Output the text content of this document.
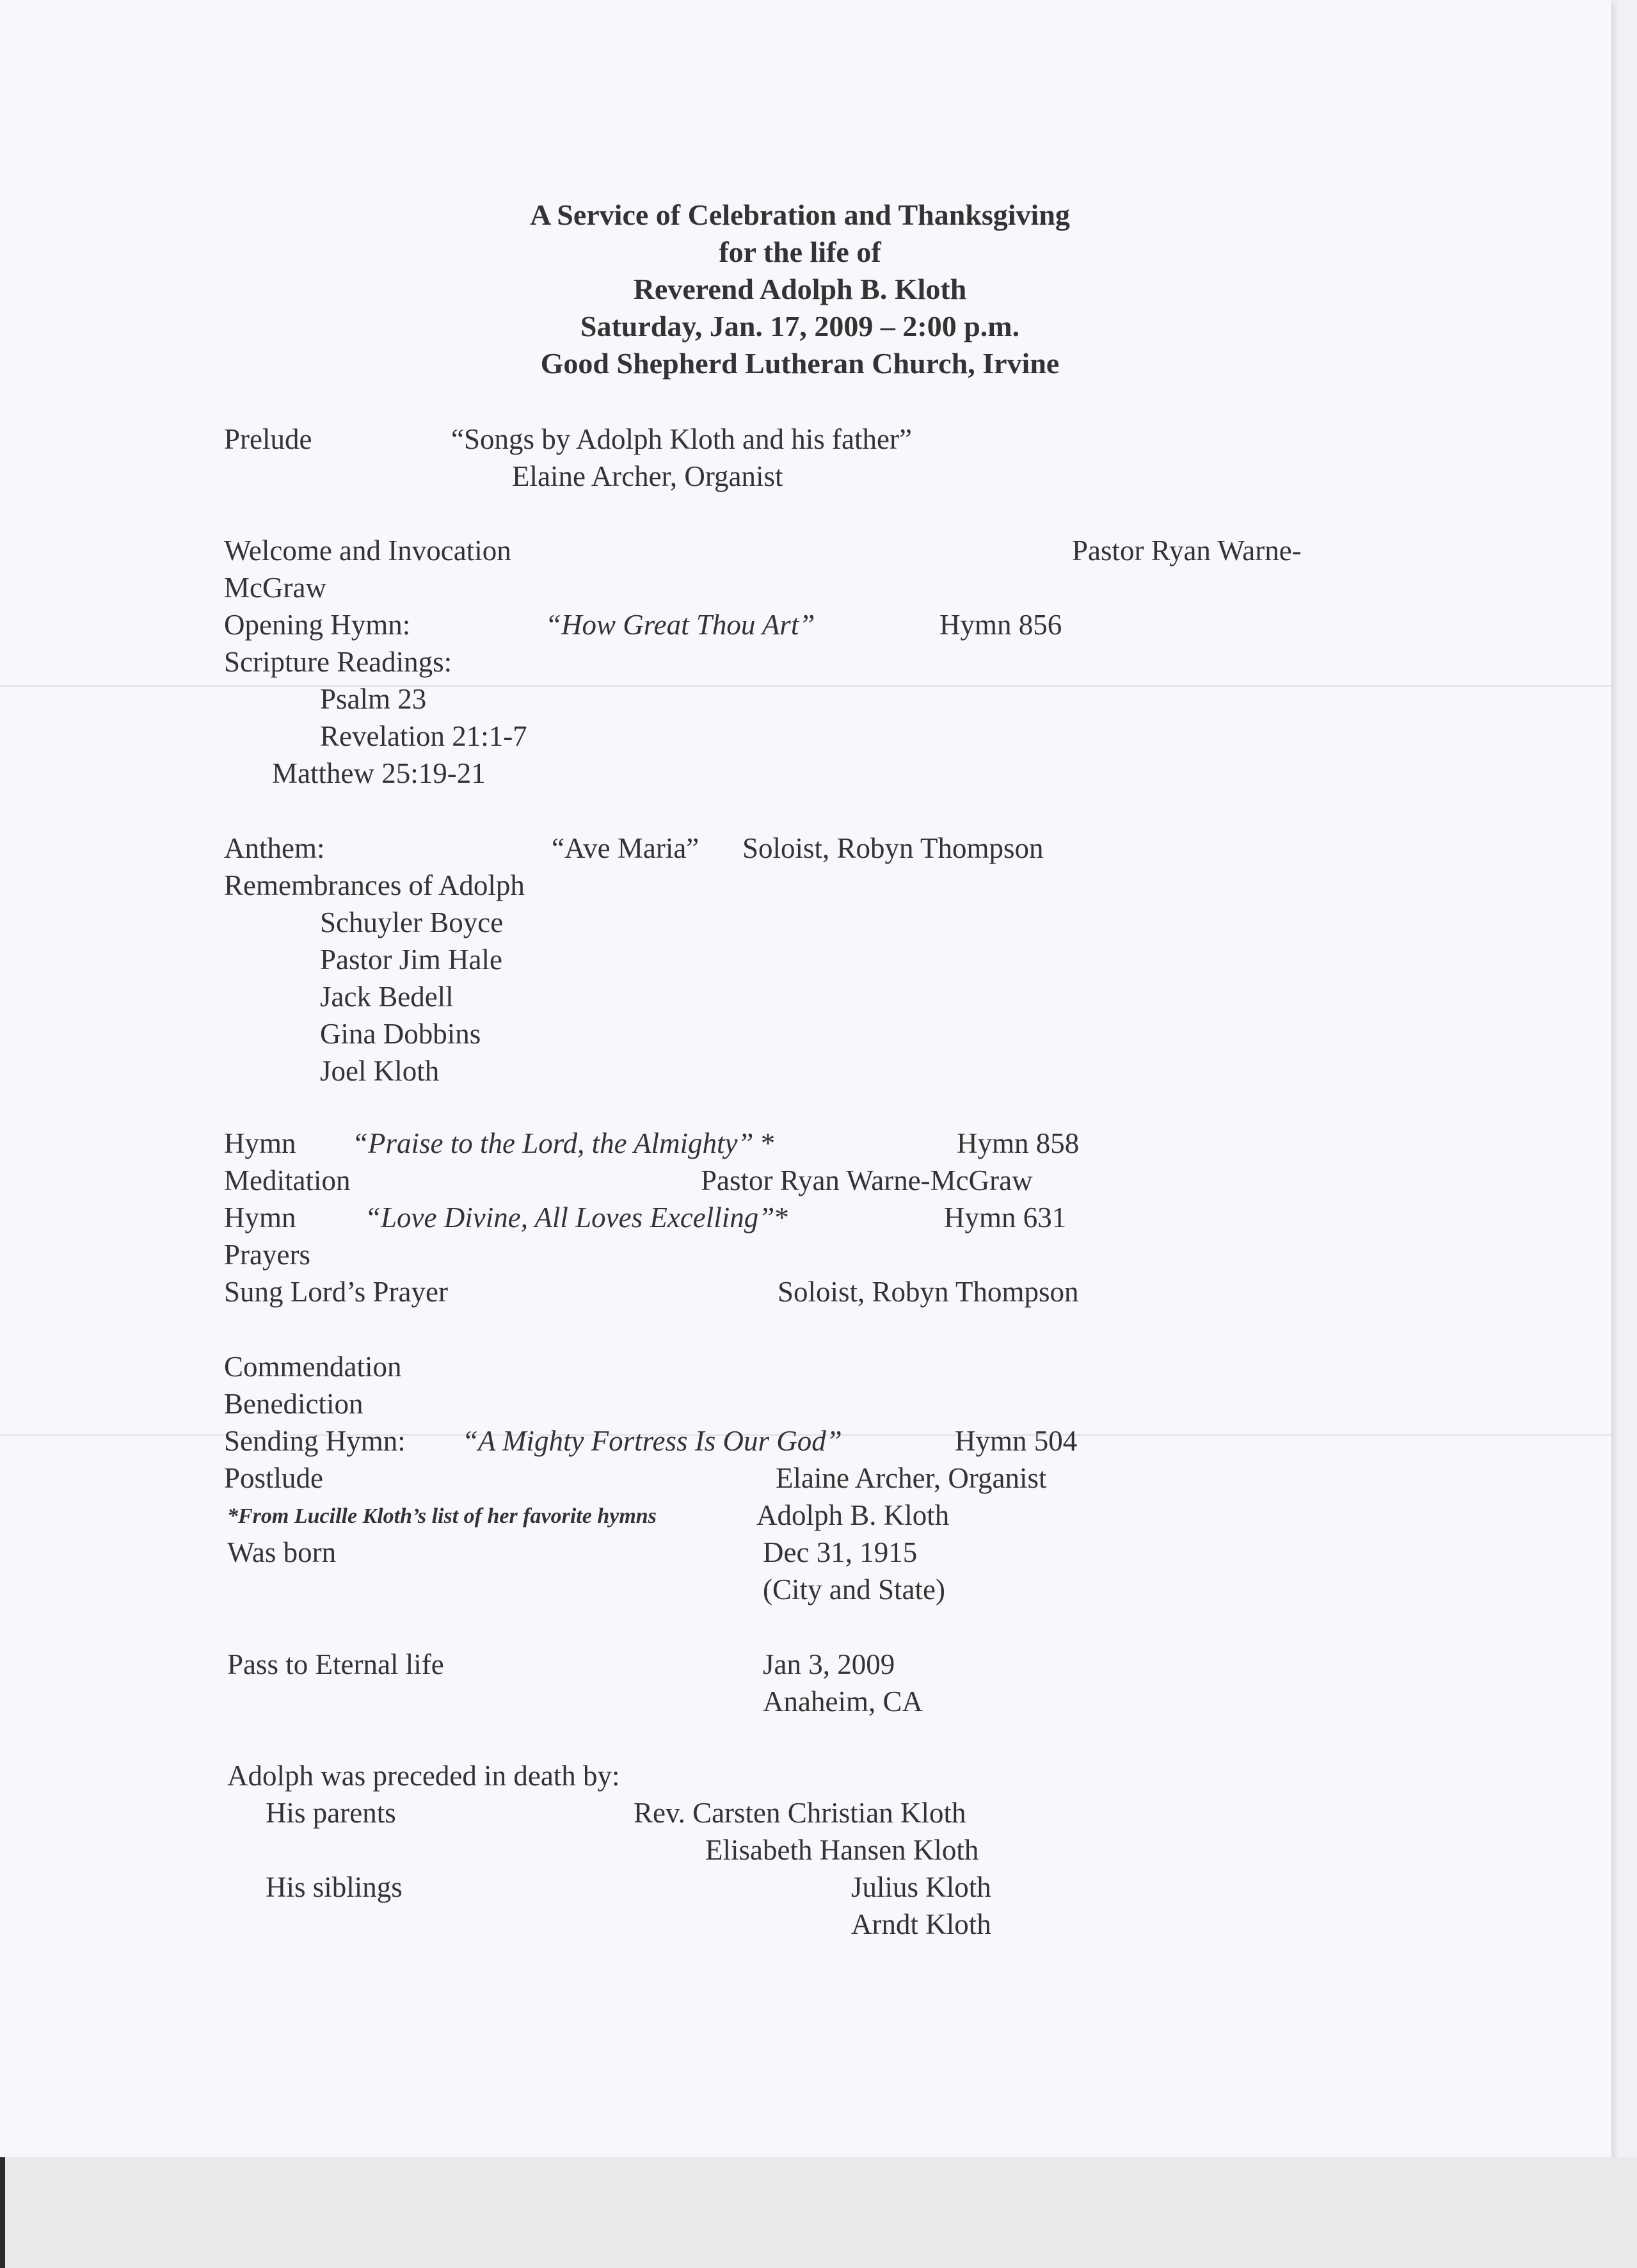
A Service of Celebration and Thanksgiving
for the life of
Reverend Adolph B. Kloth
Saturday, Jan. 17, 2009 – 2:00 p.m.
Good Shepherd Lutheran Church, Irvine
Prelude	“Songs by Adolph Kloth and his father”
Elaine Archer, Organist
Welcome and Invocation	Pastor Ryan Warne-
McGraw
Opening Hymn:	“How Great Thou Art”	Hymn 856
Scripture Readings:
Psalm 23
Revelation 21:1-7
Matthew 25:19-21
Anthem:	“Ave Maria” Soloist, Robyn Thompson
Remembrances of Adolph
Schuyler Boyce
Pastor Jim Hale
Jack Bedell
Gina Dobbins
Joel Kloth
Hymn “Praise to the Lord, the Almighty” *	Hymn 858
Meditation	Pastor Ryan Warne-McGraw
Hymn “Love Divine, All Loves Excelling”*	Hymn 631
Prayers
Sung Lord’s Prayer	Soloist, Robyn Thompson
Commendation
Benediction
Sending Hymn: “A Mighty Fortress Is Our God”	Hymn 504
Postlude	Elaine Archer, Organist
*From Lucille Kloth’s list of her favorite hymns	Adolph B. Kloth
Was born	Dec 31, 1915
(City and State)
Pass to Eternal life	Jan 3, 2009
Anaheim, CA
Adolph was preceded in death by:
His parents	Rev. Carsten Christian Kloth
Elisabeth Hansen Kloth
His siblings	Julius Kloth
Arndt Kloth
